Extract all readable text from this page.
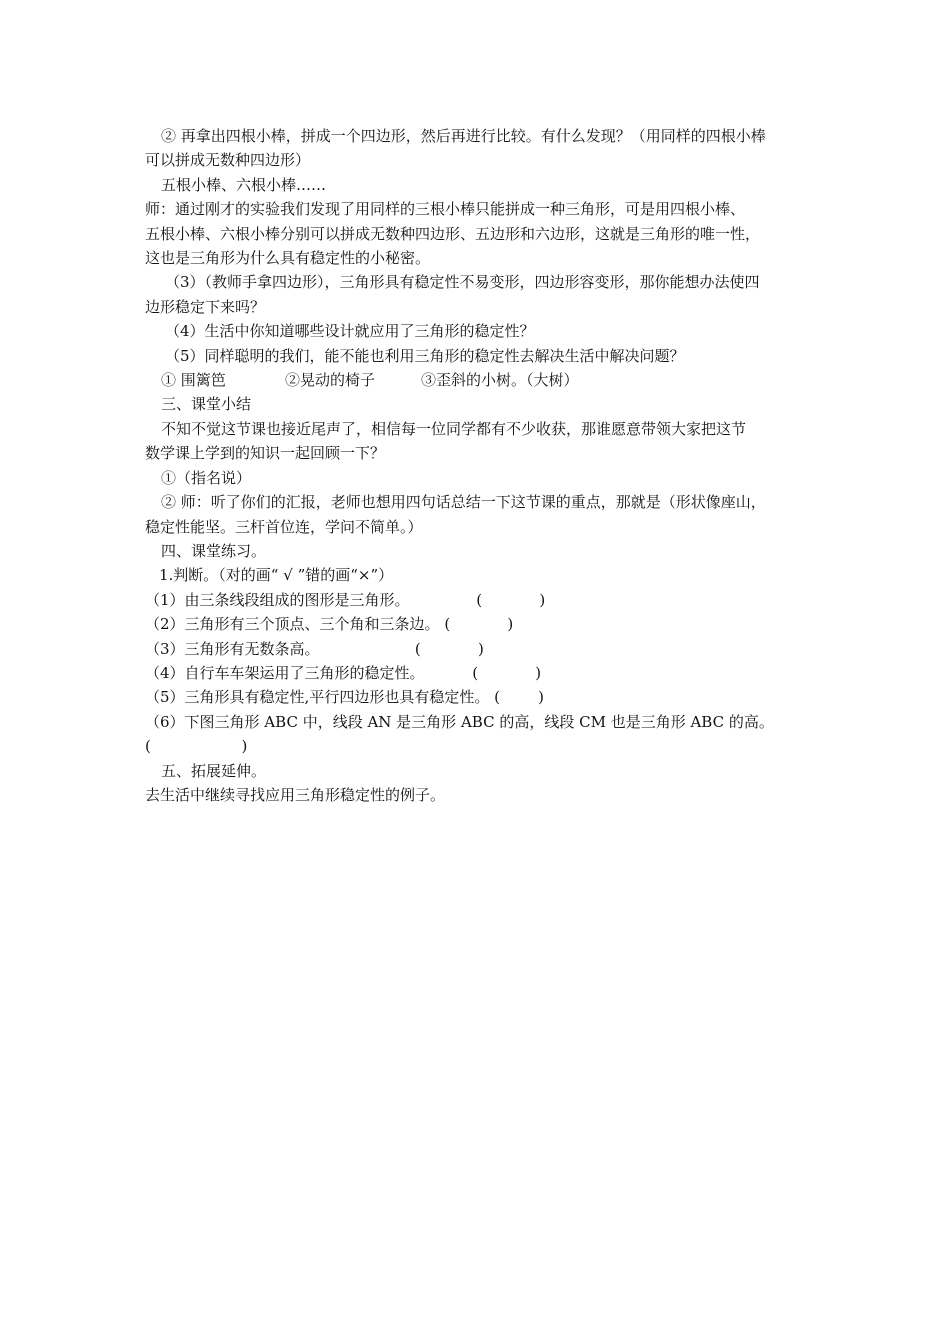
② 再拿出四根小棒，拼成一个四边形，然后再进行比较。有什么发现？（用同样的四根小棒

可以拼成无数种四边形）

五根小棒、六根小棒……

师：通过刚才的实验我们发现了用同样的三根小棒只能拼成一种三角形，可是用四根小棒、

五根小棒、六根小棒分别可以拼成无数种四边形、五边形和六边形，这就是三角形的唯一性，

这也是三角形为什么具有稳定性的小秘密。

（3）（教师手拿四边形），三角形具有稳定性不易变形，四边形容变形，那你能想办法使四

边形稳定下来吗？

（4）生活中你知道哪些设计就应用了三角形的稳定性？

（5）同样聪明的我们，能不能也利用三角形的稳定性去解决生活中解决问题？

① 围篱笆	②晃动的椅子	③歪斜的小树。（大树）

三、课堂小结

不知不觉这节课也接近尾声了，相信每一位同学都有不少收获，那谁愿意带领大家把这节

数学课上学到的知识一起回顾一下？

①（指名说）

② 师：听了你们的汇报，老师也想用四句话总结一下这节课的重点，那就是（形状像座山，

稳定性能坚。三杆首位连，学问不简单。）

四、课堂练习。

1.判断。（对的画“ √ ”错的画“×”）

（1）由三条线段组成的图形是三角形。              (            )

（2）三角形有三个顶点、三个角和三条边。 (            )

（3）三角形有无数条高。                    (            )

（4）自行车车架运用了三角形的稳定性。          (            )

（5）三角形具有稳定性,平行四边形也具有稳定性。 (        )

（6）下图三角形 ABC 中，线段 AN 是三角形 ABC 的高，线段 CM 也是三角形 ABC 的高。

(                   )

五、拓展延伸。

去生活中继续寻找应用三角形稳定性的例子。
